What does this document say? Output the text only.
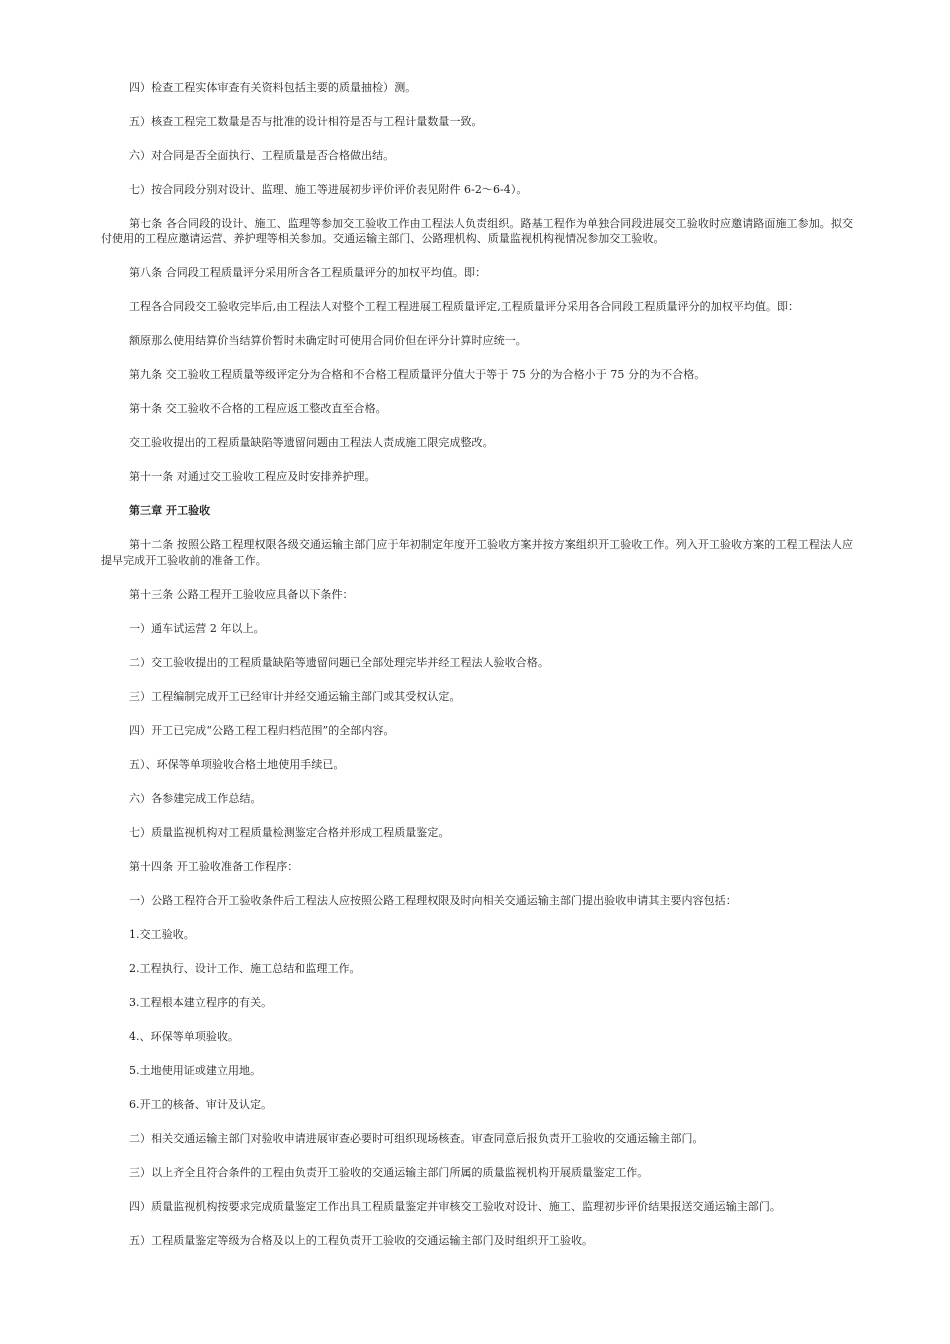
四）检查工程实体审查有关资料包括主要的质量抽检）测。

五）核查工程完工数量是否与批准的设计相符是否与工程计量数量一致。

六）对合同是否全面执行、工程质量是否合格做出结。

七）按合同段分别对设计、监理、施工等进展初步评价评价表见附件 6-2～6-4）。

第七条 各合同段的设计、施工、监理等参加交工验收工作由工程法人负责组织。路基工程作为单独合同段进展交工验收时应邀请路面施工参加。拟交付使用的工程应邀请运营、养护理等相关参加。交通运输主部门、公路理机构、质量监视机构视情况参加交工验收。

第八条 合同段工程质量评分采用所含各工程质量评分的加权平均值。即：

工程各合同段交工验收完毕后,由工程法人对整个工程工程进展工程质量评定,工程质量评分采用各合同段工程质量评分的加权平均值。即：

额原那么使用结算价当结算价暂时未确定时可使用合同价但在评分计算时应统一。

第九条 交工验收工程质量等级评定分为合格和不合格工程质量评分值大于等于 75 分的为合格小于 75 分的为不合格。

第十条 交工验收不合格的工程应返工整改直至合格。

交工验收提出的工程质量缺陷等遗留问题由工程法人责成施工限完成整改。

第十一条 对通过交工验收工程应及时安排养护理。

第三章 开工验收

第十二条 按照公路工程理权限各级交通运输主部门应于年初制定年度开工验收方案并按方案组织开工验收工作。列入开工验收方案的工程工程法人应提早完成开工验收前的准备工作。

第十三条 公路工程开工验收应具备以下条件：

一）通车试运营 2 年以上。

二）交工验收提出的工程质量缺陷等遗留问题已全部处理完毕并经工程法人验收合格。

三）工程编制完成开工已经审计并经交通运输主部门或其受权认定。

四）开工已完成“公路工程工程归档范围”的全部内容。

五）、环保等单项验收合格土地使用手续已。

六）各参建完成工作总结。

七）质量监视机构对工程质量检测鉴定合格并形成工程质量鉴定。

第十四条 开工验收准备工作程序：

一）公路工程符合开工验收条件后工程法人应按照公路工程理权限及时向相关交通运输主部门提出验收申请其主要内容包括：

1.交工验收。

2.工程执行、设计工作、施工总结和监理工作。

3.工程根本建立程序的有关。

4.、环保等单项验收。

5.土地使用证或建立用地。

6.开工的核备、审计及认定。

二）相关交通运输主部门对验收申请进展审查必要时可组织现场核查。审查同意后报负责开工验收的交通运输主部门。

三）以上齐全且符合条件的工程由负责开工验收的交通运输主部门所属的质量监视机构开展质量鉴定工作。

四）质量监视机构按要求完成质量鉴定工作出具工程质量鉴定并审核交工验收对设计、施工、监理初步评价结果报送交通运输主部门。

五）工程质量鉴定等级为合格及以上的工程负责开工验收的交通运输主部门及时组织开工验收。
